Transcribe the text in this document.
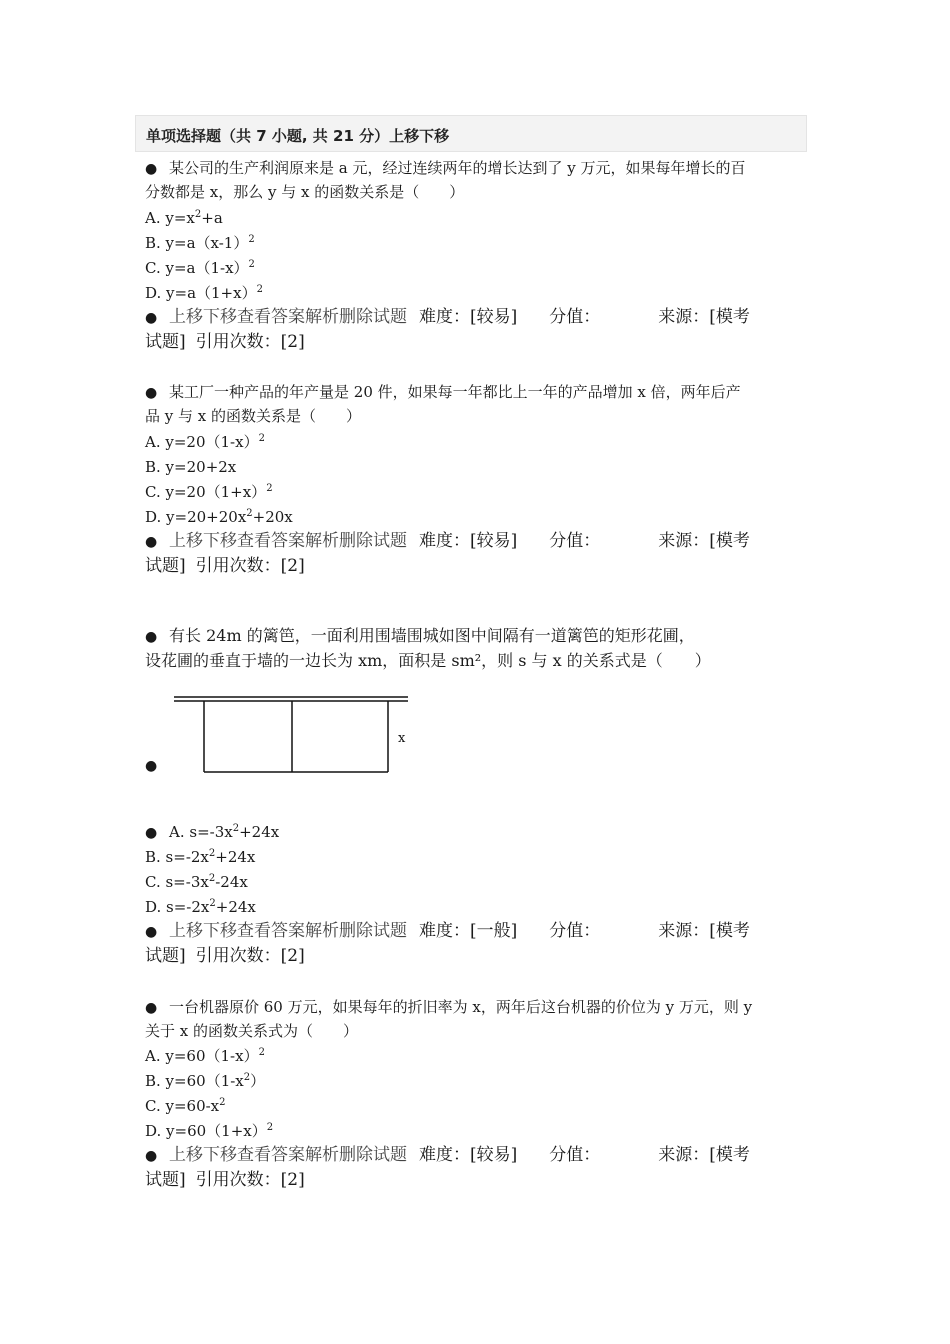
单项选择题（共 7 小题, 共 21 分）上移下移
● 某公司的生产利润原来是 a 元，经过连续两年的增长达到了 y 万元，如果每年增长的百
分数都是 x，那么 y 与 x 的函数关系是（　　）
A. $y=x^2+a$
B. $y=a(x-1)^2$
C. $y=a(1-x)^2$
D. $y=a(1+x)^2$
● 上移下移查看答案解析删除试题 难度：[较易] 分值：	来源：[模考
试题] 引用次数：[2]
● 某工厂一种产品的年产量是 20 件，如果每一年都比上一年的产品增加 x 倍，两年后产
品 y 与 x 的函数关系是（　　）
A. $y=20(1-x)^2$
B. y=20+2x
C. $y=20(1+x)^2$
D. $y=20+20x^2+20x$
● 上移下移查看答案解析删除试题 难度：[较易] 分值：	来源：[模考
试题] 引用次数：[2]
● 有长 24m 的篱笆，一面利用围墙围城如图中间隔有一道篱笆的矩形花圃，
设花圃的垂直于墙的一边长为 xm，面积是 sm²，则 s 与 x 的关系式是（　　）
●
x
● A. $s=-3x^2+24x$
B. $s=-2x^2+24x$
C. $s=-3x^2-24x$
D. $s=-2x^2+24x$
● 上移下移查看答案解析删除试题 难度：[一般] 分值：	来源：[模考
试题] 引用次数：[2]
● 一台机器原价 60 万元，如果每年的折旧率为 x，两年后这台机器的价位为 y 万元，则 y
关于 x 的函数关系式为（　　）
A. $y=60(1-x)^2$
B. $y=60(1-x^2)$
C. $y=60-x^2$
D. $y=60(1+x)^2$
● 上移下移查看答案解析删除试题 难度：[较易] 分值：	来源：[模考
试题] 引用次数：[2]
